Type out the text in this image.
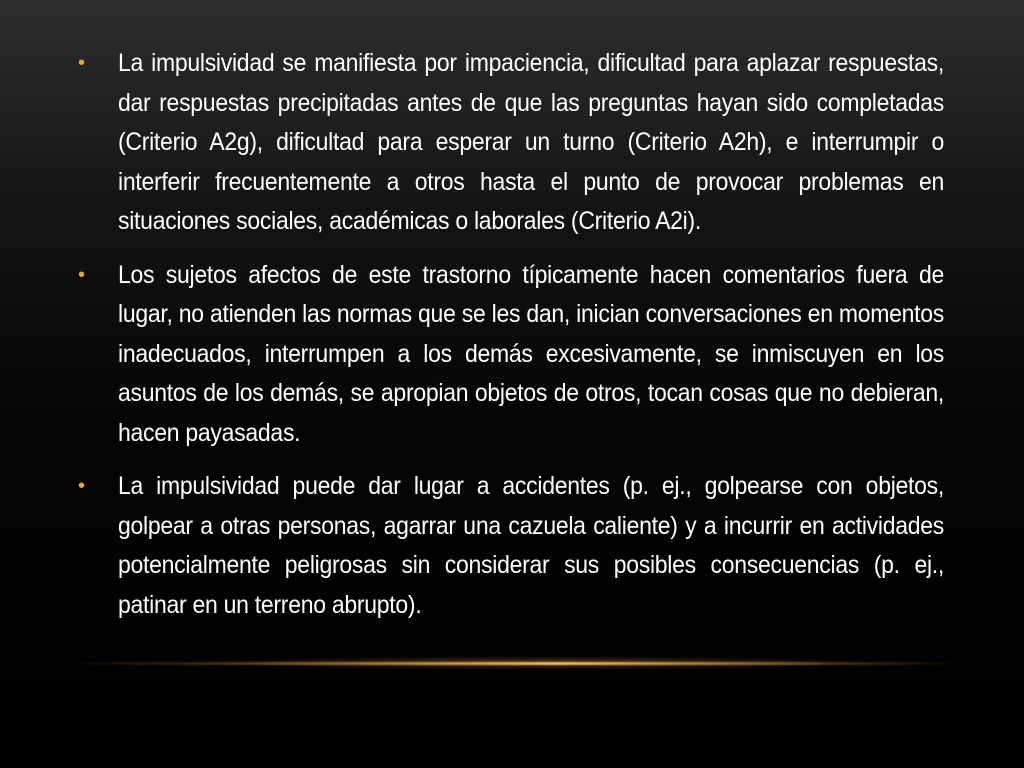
• La impulsividad se manifiesta por impaciencia, dificultad para aplazar respuestas, dar respuestas precipitadas antes de que las preguntas hayan sido completadas (Criterio A2g), dificultad para esperar un turno (Criterio A2h), e interrumpir o interferir frecuentemente a otros hasta el punto de provocar problemas en situaciones sociales, académicas o laborales (Criterio A2i).
• Los sujetos afectos de este trastorno típicamente hacen comentarios fuera de lugar, no atienden las normas que se les dan, inician conversaciones en momentos inadecuados, interrumpen a los demás excesivamente, se inmiscuyen en los asuntos de los demás, se apropian objetos de otros, tocan cosas que no debieran, hacen payasadas.
• La impulsividad puede dar lugar a accidentes (p. ej., golpearse con objetos, golpear a otras personas, agarrar una cazuela caliente) y a incurrir en actividades potencialmente peligrosas sin considerar sus posibles consecuencias (p. ej., patinar en un terreno abrupto).
